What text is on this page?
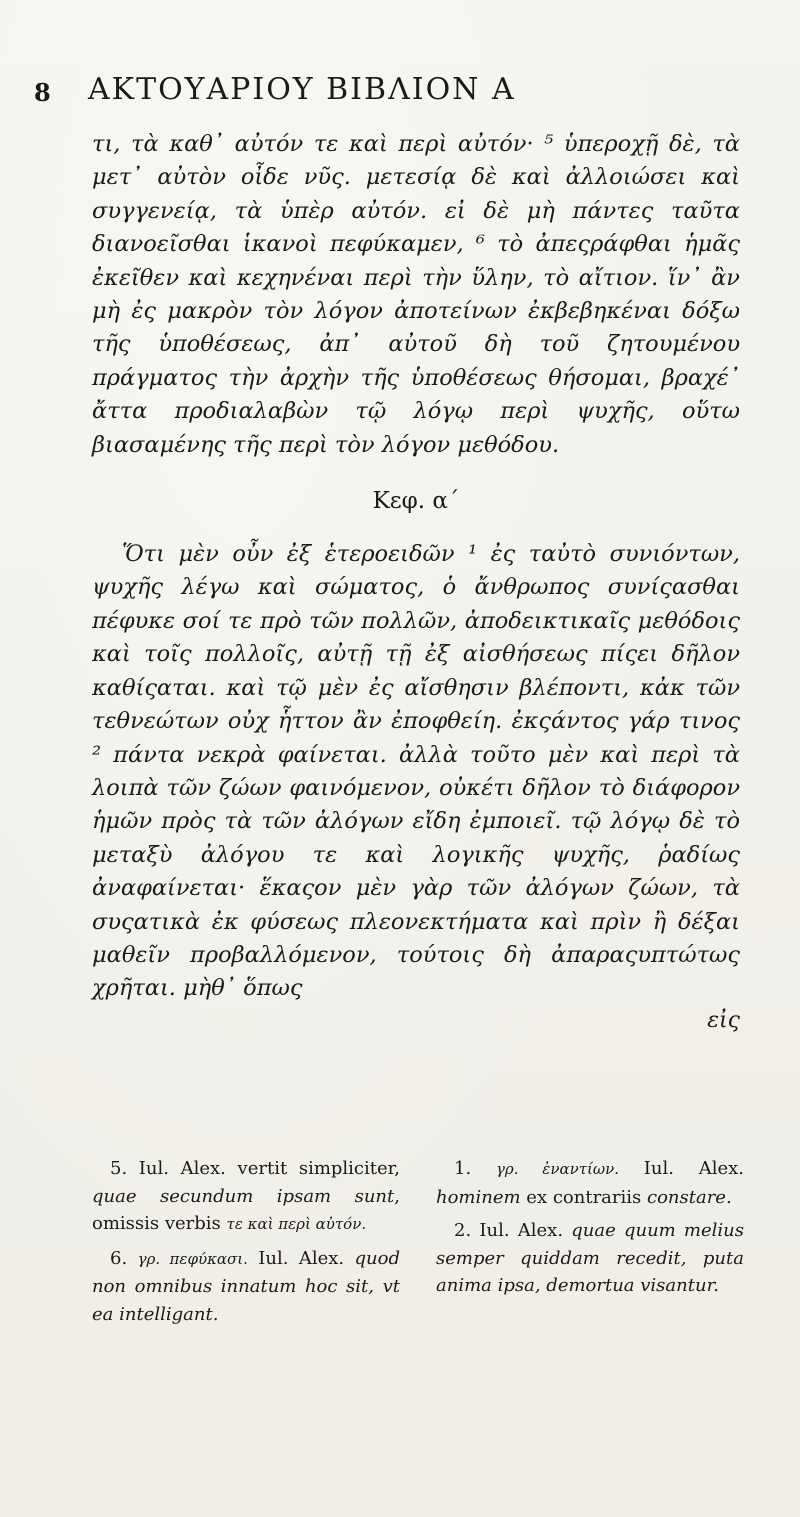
8 ΑΚΤΟΥΑΡΙΟΥ ΒΙΒΛΙΟΝ Α

τι, τὰ καθ᾽ αὐτόν τε καὶ περὶ αὐτόν· ⁵ ὑπεροχῇ δὲ, τὰ μετ᾽ αὐτὸν οἶδε νῦς. μετεσίᾳ δὲ καὶ ἀλλοιώσει καὶ συγγενείᾳ, τὰ ὑπὲρ αὐτόν. εἰ δὲ μὴ πάντες ταῦτα διανοεῖσθαι ἱκανοὶ πεφύκαμεν, ⁶ τὸ ἀπεςράφθαι ἡμᾶς ἐκεῖθεν καὶ κεχηνέναι περὶ τὴν ὕλην, τὸ αἴτιον. ἵν᾽ ἂν μὴ ἐς μακρὸν τὸν λόγον ἀποτείνων ἐκβεβηκέναι δόξω τῆς ὑποθέσεως, ἀπ᾽ αὐτοῦ δὴ τοῦ ζητουμένου πράγματος τὴν ἀρχὴν τῆς ὑποθέσεως θήσομαι, βραχέ᾽ ἄττα προδιαλαβὼν τῷ λόγῳ περὶ ψυχῆς, οὕτω βιασαμένης τῆς περὶ τὸν λόγον μεθόδου.

Κεφ. α΄

Ὅτι μὲν οὖν ἐξ ἑτεροειδῶν ¹ ἐς ταὐτὸ συνιόντων, ψυχῆς λέγω καὶ σώματος, ὁ ἄνθρωπος συνίςασθαι πέφυκε σοί τε πρὸ τῶν πολλῶν, ἀποδεικτικαῖς μεθόδοις καὶ τοῖς πολλοῖς, αὐτῇ τῇ ἐξ αἰσθήσεως πίςει δῆλον καθίςαται. καὶ τῷ μὲν ἐς αἴσθησιν βλέποντι, κἀκ τῶν τεθνεώτων οὐχ ἧττον ἂν ἐποφθείη. ἐκςάντος γάρ τινος ² πάντα νεκρὰ φαίνεται. ἀλλὰ τοῦτο μὲν καὶ περὶ τὰ λοιπὰ τῶν ζώων φαινόμενον, οὐκέτι δῆλον τὸ διάφορον ἡμῶν πρὸς τὰ τῶν ἀλόγων εἴδη ἐμποιεῖ. τῷ λόγῳ δὲ τὸ μεταξὺ ἀλόγου τε καὶ λογικῆς ψυχῆς, ῥαδίως ἀναφαίνεται· ἕκαςον μὲν γὰρ τῶν ἀλόγων ζώων, τὰ συςατικὰ ἐκ φύσεως πλεονεκτήματα καὶ πρὶν ἢ δέξαι μαθεῖν προβαλλόμενον, τούτοις δὴ ἀπαραςυπτώτως χρῆται. μὴθ᾽ ὅπως

εἰς

5. Iul. Alex. vertit simpliciter, quae secundum ipsam sunt, omissis verbis τε καὶ περὶ αὐτόν.

6. γρ. πεφύκασι. Iul. Alex. quod non omnibus innatum hoc sit, vt ea intelligant.

1. γρ. ἐναντίων. Iul. Alex. hominem ex contrariis constare.

2. Iul. Alex. quae quum melius semper quiddam recedit, puta anima ipsa, demortua visantur.
